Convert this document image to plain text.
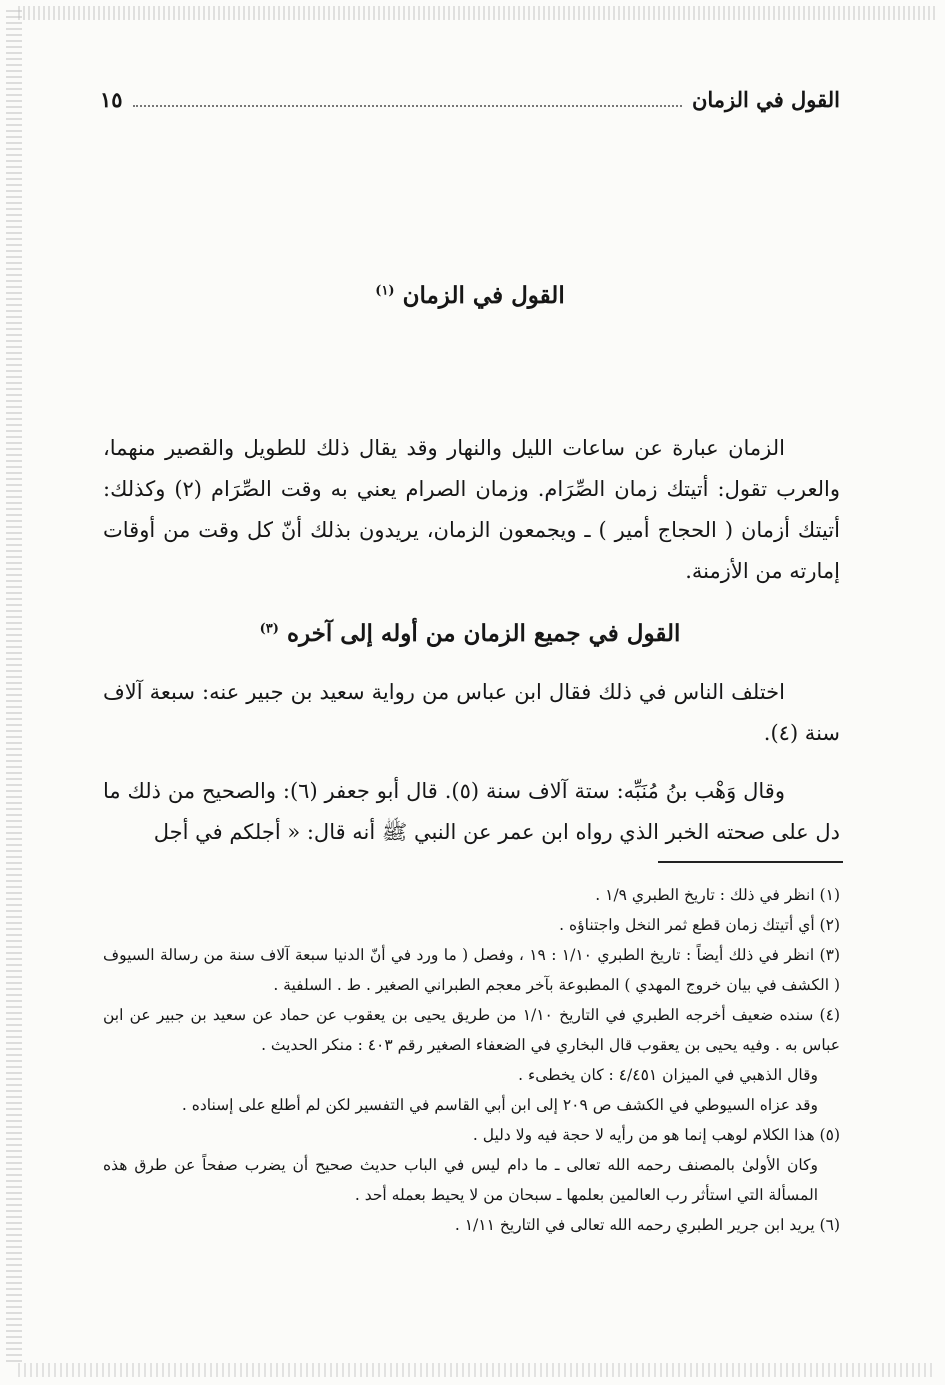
القول في الزمان
١٥
القول في الزمان $^{(١)}$
الزمان عبارة عن ساعات الليل والنهار وقد يقال ذلك للطويل والقصير منهما، والعرب تقول: أتيتك زمان الصِّرَام. وزمان الصرام يعني به وقت الصِّرَام (٢) وكذلك: أتيتك أزمان ( الحجاج أمير ) ـ ويجمعون الزمان، يريدون بذلك أنّ كل وقت من أوقات إمارته من الأزمنة.
القول في جميع الزمان من أوله إلى آخره $^{(٣)}$
اختلف الناس في ذلك فقال ابن عباس من رواية سعيد بن جبير عنه: سبعة آلاف سنة (٤).
وقال وَهْب بنُ مُنَبِّه: ستة آلاف سنة (٥). قال أبو جعفر (٦): والصحيح من ذلك ما دل على صحته الخبر الذي رواه ابن عمر عن النبي ﷺ أنه قال: « أجلكم في أجل
(١) انظر في ذلك : تاريخ الطبري ١/٩ .
(٢) أي أتيتك زمان قطع ثمر النخل واجتناؤه .
(٣) انظر في ذلك أيضاً : تاريخ الطبري ١/١٠ : ١٩ ، وفصل ( ما ورد في أنّ الدنيا سبعة آلاف سنة من رسالة السيوف ( الكشف في بيان خروج المهدي ) المطبوعة بآخر معجم الطبراني الصغير . ط . السلفية .
(٤) سنده ضعيف أخرجه الطبري في التاريخ ١/١٠ من طريق يحيى بن يعقوب عن حماد عن سعيد بن جبير عن ابن عباس به . وفيه يحيى بن يعقوب قال البخاري في الضعفاء الصغير رقم ٤٠٣ : منكر الحديث .
وقال الذهبي في الميزان ٤/٤٥١ : كان يخطىء .
وقد عزاه السيوطي في الكشف ص ٢٠٩ إلى ابن أبي القاسم في التفسير لكن لم أطلع على إسناده .
(٥) هذا الكلام لوهب إنما هو من رأيه لا حجة فيه ولا دليل .
وكان الأولىٰ بالمصنف رحمه الله تعالى ـ ما دام ليس في الباب حديث صحيح أن يضرب صفحاً عن طرق هذه المسألة التي استأثر رب العالمين بعلمها ـ سبحان من لا يحيط بعمله أحد .
(٦) يريد ابن جرير الطبري رحمه الله تعالى في التاريخ ١/١١ .
